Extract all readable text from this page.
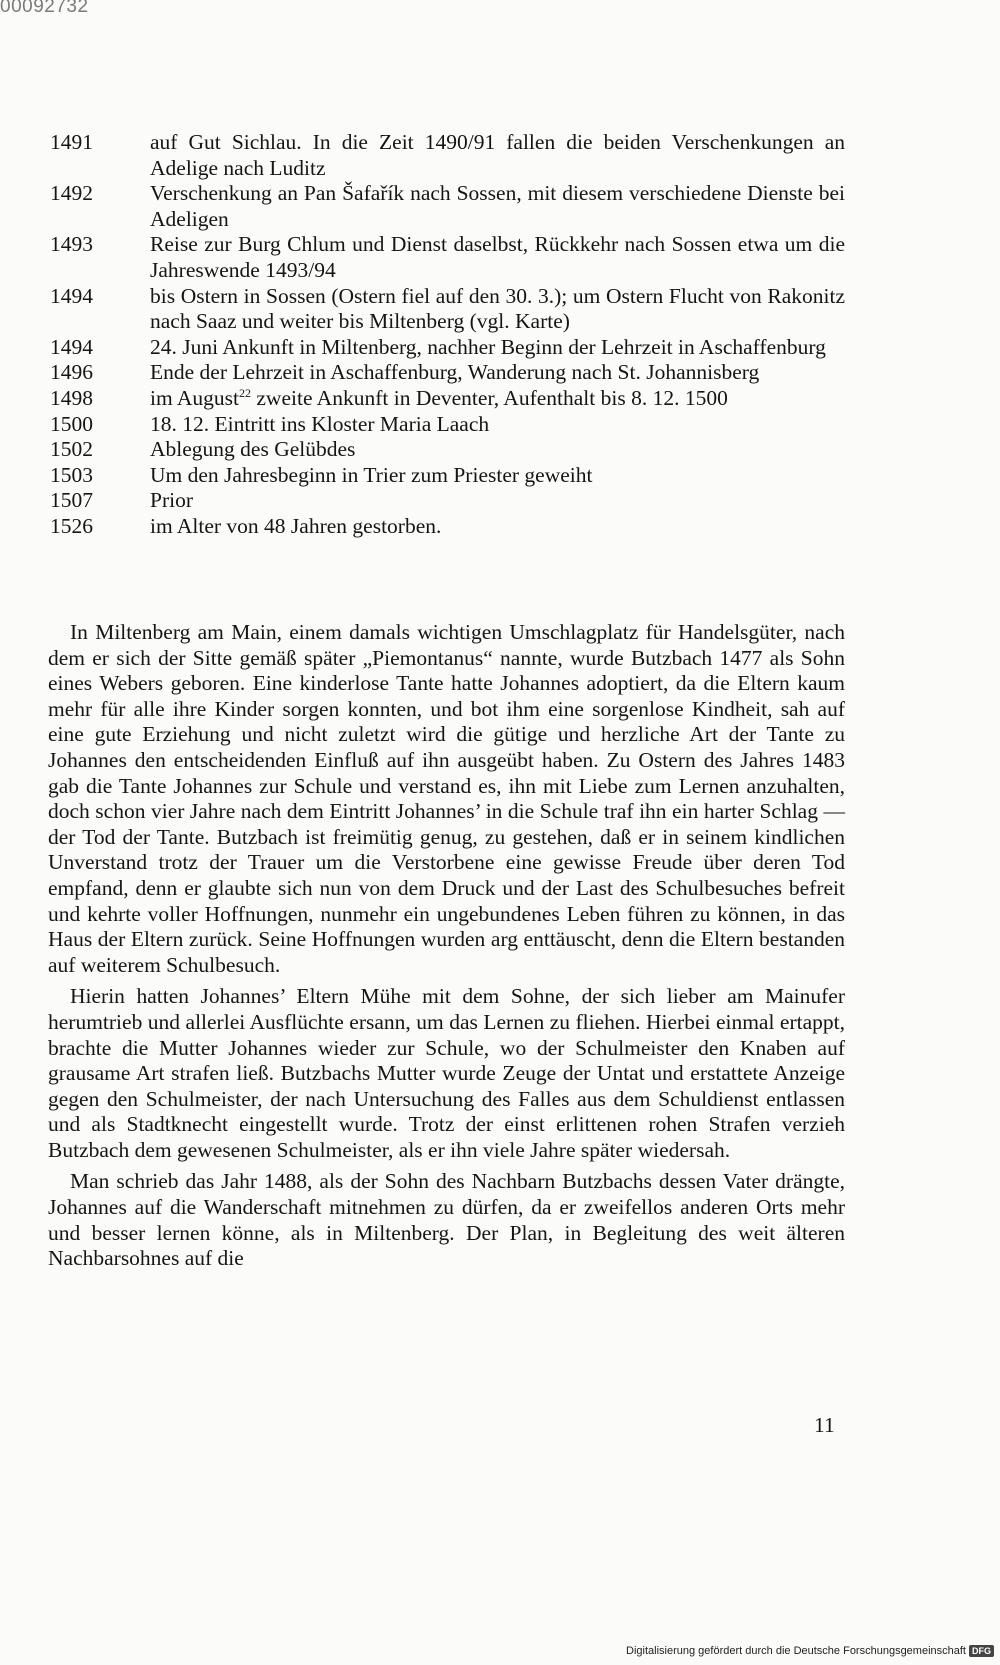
00092732
1491	auf Gut Sichlau. In die Zeit 1490/91 fallen die beiden Verschenkungen an Adelige nach Luditz
1492	Verschenkung an Pan Šafařík nach Sossen, mit diesem verschiedene Dienste bei Adeligen
1493	Reise zur Burg Chlum und Dienst daselbst, Rückkehr nach Sossen etwa um die Jahreswende 1493/94
1494	bis Ostern in Sossen (Ostern fiel auf den 30. 3.); um Ostern Flucht von Rakonitz nach Saaz und weiter bis Miltenberg (vgl. Karte)
1494	24. Juni Ankunft in Miltenberg, nachher Beginn der Lehrzeit in Aschaffenburg
1496	Ende der Lehrzeit in Aschaffenburg, Wanderung nach St. Johannisberg
1498	im August$^{22}$ zweite Ankunft in Deventer, Aufenthalt bis 8. 12. 1500
1500	18. 12. Eintritt ins Kloster Maria Laach
1502	Ablegung des Gelübdes
1503	Um den Jahresbeginn in Trier zum Priester geweiht
1507	Prior
1526	im Alter von 48 Jahren gestorben.

In Miltenberg am Main, einem damals wichtigen Umschlagplatz für Handelsgüter, nach dem er sich der Sitte gemäß später „Piemontanus“ nannte, wurde Butzbach 1477 als Sohn eines Webers geboren. Eine kinderlose Tante hatte Johannes adoptiert, da die Eltern kaum mehr für alle ihre Kinder sorgen konnten, und bot ihm eine sorgenlose Kindheit, sah auf eine gute Erziehung und nicht zuletzt wird die gütige und herzliche Art der Tante zu Johannes den entscheidenden Einfluß auf ihn ausgeübt haben. Zu Ostern des Jahres 1483 gab die Tante Johannes zur Schule und verstand es, ihn mit Liebe zum Lernen anzuhalten, doch schon vier Jahre nach dem Eintritt Johannes’ in die Schule traf ihn ein harter Schlag — der Tod der Tante. Butzbach ist freimütig genug, zu gestehen, daß er in seinem kindlichen Unverstand trotz der Trauer um die Verstorbene eine gewisse Freude über deren Tod empfand, denn er glaubte sich nun von dem Druck und der Last des Schulbesuches befreit und kehrte voller Hoffnungen, nunmehr ein ungebundenes Leben führen zu können, in das Haus der Eltern zurück. Seine Hoffnungen wurden arg enttäuscht, denn die Eltern bestanden auf weiterem Schulbesuch.

Hierin hatten Johannes’ Eltern Mühe mit dem Sohne, der sich lieber am Mainufer herumtrieb und allerlei Ausflüchte ersann, um das Lernen zu fliehen. Hierbei einmal ertappt, brachte die Mutter Johannes wieder zur Schule, wo der Schulmeister den Knaben auf grausame Art strafen ließ. Butzbachs Mutter wurde Zeuge der Untat und erstattete Anzeige gegen den Schulmeister, der nach Untersuchung des Falles aus dem Schuldienst entlassen und als Stadtknecht eingestellt wurde. Trotz der einst erlittenen rohen Strafen verzieh Butzbach dem gewesenen Schulmeister, als er ihn viele Jahre später wiedersah.

Man schrieb das Jahr 1488, als der Sohn des Nachbarn Butzbachs dessen Vater drängte, Johannes auf die Wanderschaft mitnehmen zu dürfen, da er zweifellos anderen Orts mehr und besser lernen könne, als in Miltenberg. Der Plan, in Begleitung des weit älteren Nachbarsohnes auf die

11
Digitalisierung gefördert durch die Deutsche Forschungsgemeinschaft DFG
